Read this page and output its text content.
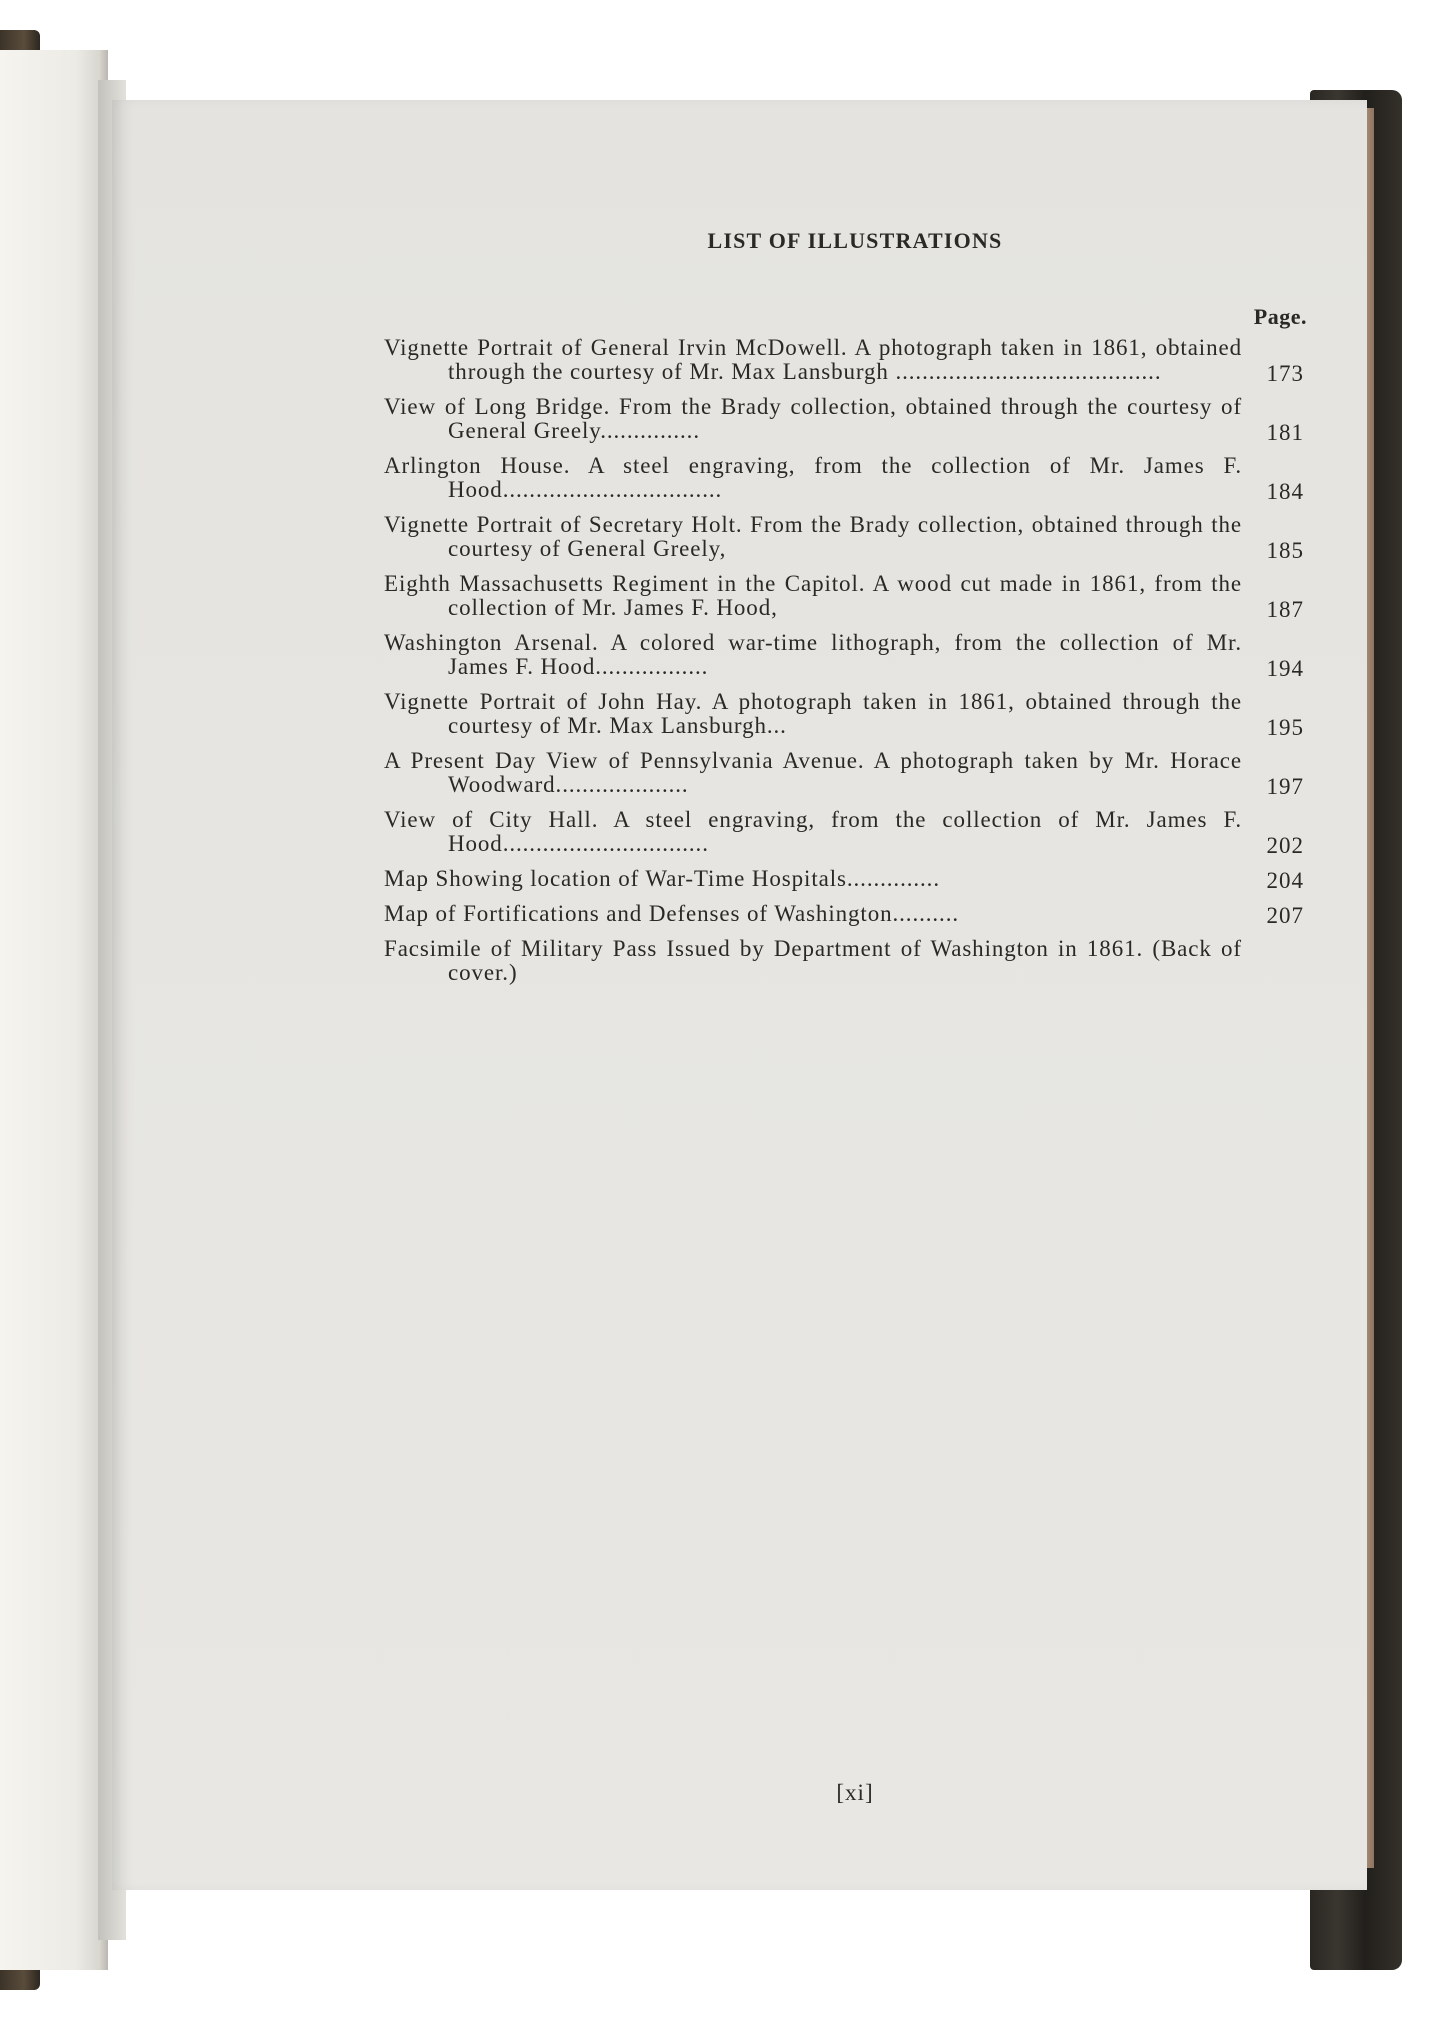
LIST OF ILLUSTRATIONS
Page.
Vignette Portrait of General Irvin McDowell. A photograph taken in 1861, obtained through the courtesy of Mr. Max Lansburgh ........................................	173
View of Long Bridge. From the Brady collection, obtained through the courtesy of General Greely...............	181
Arlington House. A steel engraving, from the collection of Mr. James F. Hood.................................	184
Vignette Portrait of Secretary Holt. From the Brady collection, obtained through the courtesy of General Greely,	185
Eighth Massachusetts Regiment in the Capitol. A wood cut made in 1861, from the collection of Mr. James F. Hood,	187
Washington Arsenal. A colored war-time lithograph, from the collection of Mr. James F. Hood.................	194
Vignette Portrait of John Hay. A photograph taken in 1861, obtained through the courtesy of Mr. Max Lansburgh...	195
A Present Day View of Pennsylvania Avenue. A photograph taken by Mr. Horace Woodward....................	197
View of City Hall. A steel engraving, from the collection of Mr. James F. Hood...............................	202
Map Showing location of War-Time Hospitals..............	204
Map of Fortifications and Defenses of Washington..........	207
Facsimile of Military Pass Issued by Department of Washington in 1861. (Back of cover.)
[xi]
